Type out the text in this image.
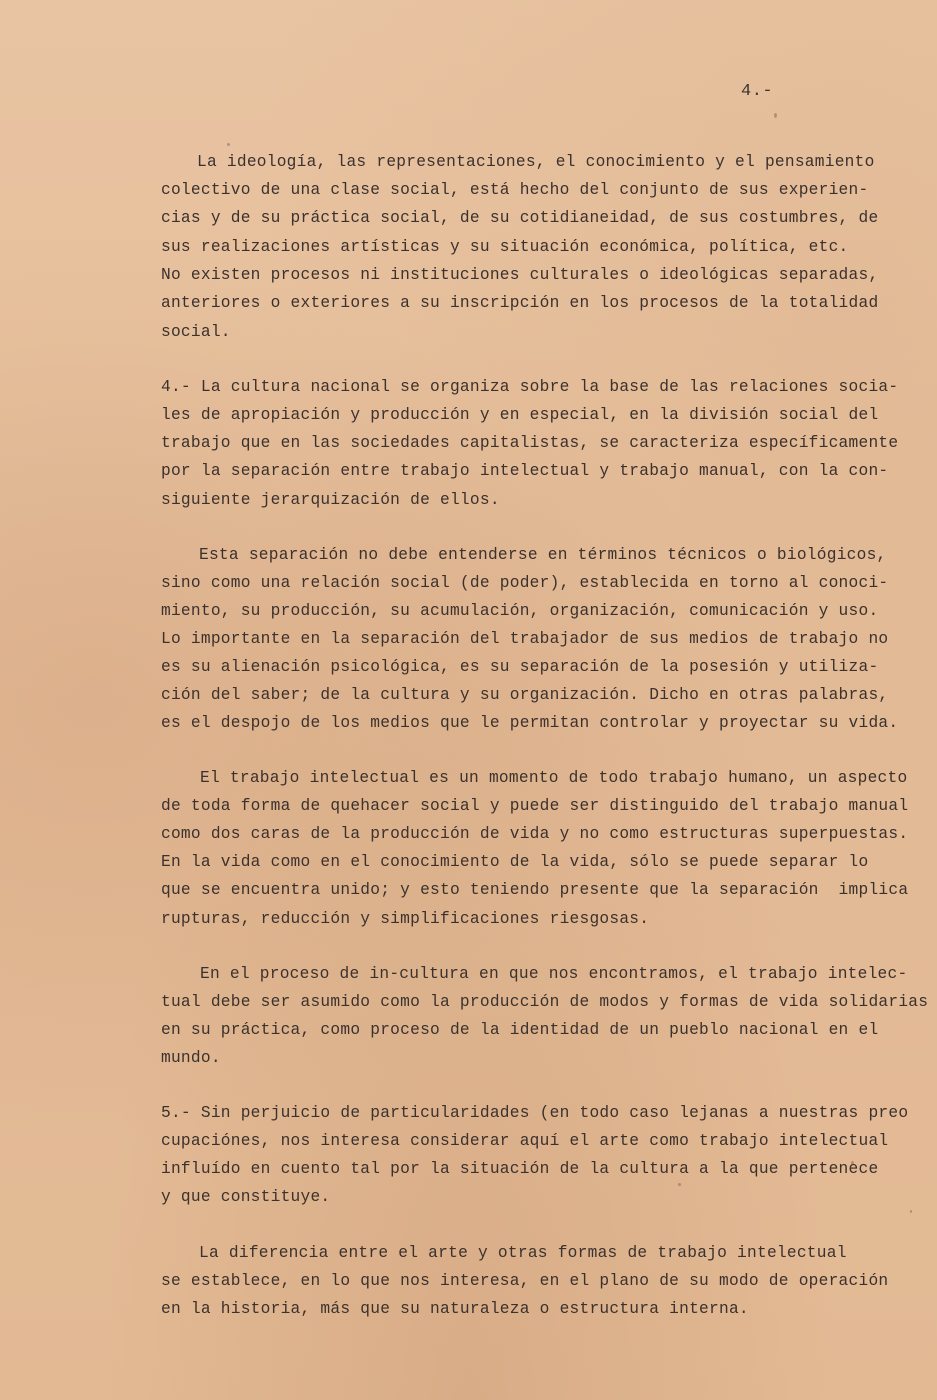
4.-
La ideología, las representaciones, el conocimiento y el pensamiento
colectivo de una clase social, está hecho del conjunto de sus experien-
cias y de su práctica social, de su cotidianeidad, de sus costumbres, de
sus realizaciones artísticas y su situación económica, política, etc.
No existen procesos ni instituciones culturales o ideológicas separadas,
anteriores o exteriores a su inscripción en los procesos de la totalidad
social.
4.- La cultura nacional se organiza sobre la base de las relaciones socia-
les de apropiación y producción y en especial, en la división social del
trabajo que en las sociedades capitalistas, se caracteriza específicamente
por la separación entre trabajo intelectual y trabajo manual, con la con-
siguiente jerarquización de ellos.
Esta separación no debe entenderse en términos técnicos o biológicos,
sino como una relación social (de poder), establecida en torno al conoci-
miento, su producción, su acumulación, organización, comunicación y uso.
Lo importante en la separación del trabajador de sus medios de trabajo no
es su alienación psicológica, es su separación de la posesión y utiliza-
ción del saber; de la cultura y su organización. Dicho en otras palabras,
es el despojo de los medios que le permitan controlar y proyectar su vida.
El trabajo intelectual es un momento de todo trabajo humano, un aspecto
de toda forma de quehacer social y puede ser distinguido del trabajo manual
como dos caras de la producción de vida y no como estructuras superpuestas.
En la vida como en el conocimiento de la vida, sólo se puede separar lo
que se encuentra unido; y esto teniendo presente que la separación  implica
rupturas, reducción y simplificaciones riesgosas.
En el proceso de in-cultura en que nos encontramos, el trabajo intelec-
tual debe ser asumido como la producción de modos y formas de vida solidarias
en su práctica, como proceso de la identidad de un pueblo nacional en el
mundo.
5.- Sin perjuicio de particularidades (en todo caso lejanas a nuestras preo
cupaciónes, nos interesa considerar aquí el arte como trabajo intelectual
influído en cuento tal por la situación de la cultura a la que pertenece
y que constituye.
La diferencia entre el arte y otras formas de trabajo intelectual
se establece, en lo que nos interesa, en el plano de su modo de operación
en la historia, más que su naturaleza o estructura interna.
